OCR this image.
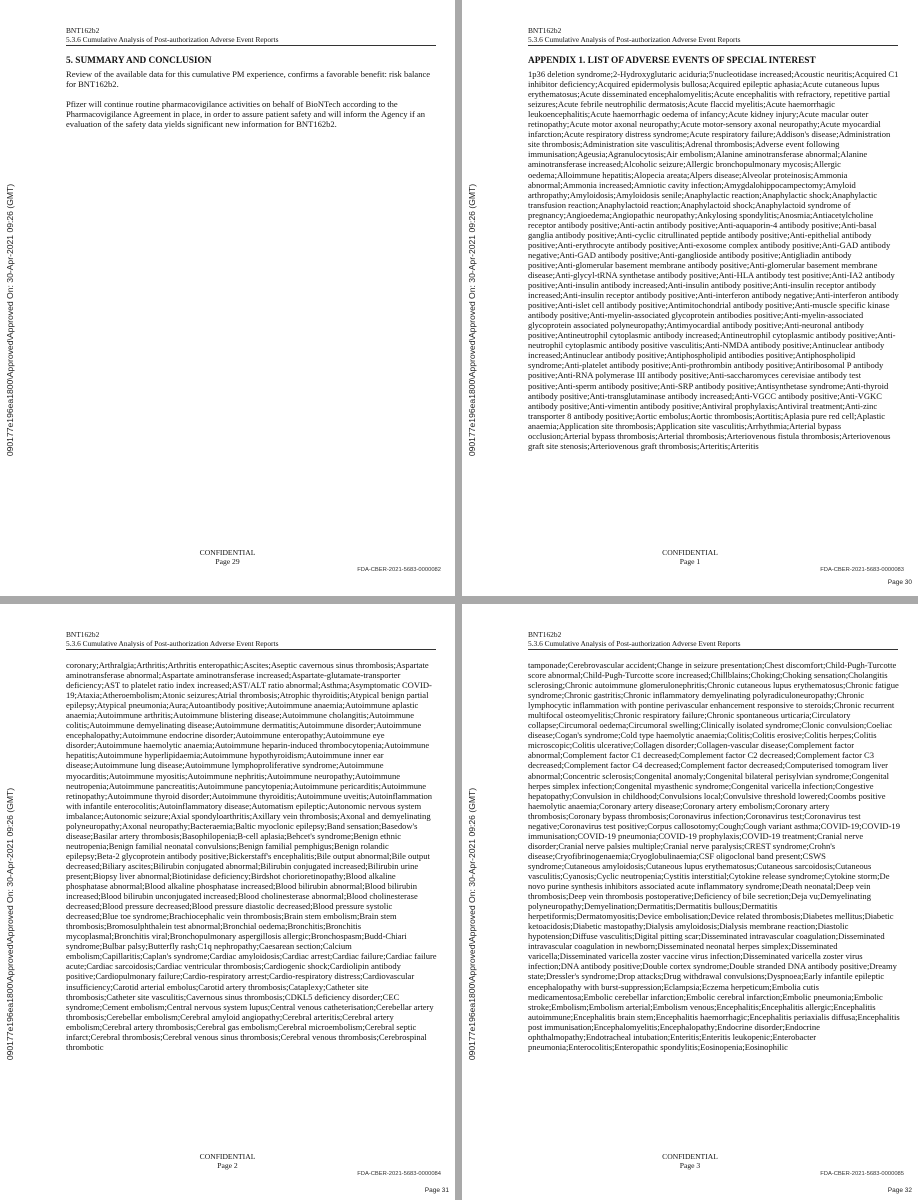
BNT162b2
5.3.6 Cumulative Analysis of Post-authorization Adverse Event Reports
090177e196ea1800\Approved\Approved On: 30-Apr-2021 09:26 (GMT)
5. SUMMARY AND CONCLUSION
Review of the available data for this cumulative PM experience, confirms a favorable benefit: risk balance for BNT162b2.
Pfizer will continue routine pharmacovigilance activities on behalf of BioNTech according to the Pharmacovigilance Agreement in place, in order to assure patient safety and will inform the Agency if an evaluation of the safety data yields significant new information for BNT162b2.
CONFIDENTIAL
Page 29
FDA-CBER-2021-5683-0000082
BNT162b2
5.3.6 Cumulative Analysis of Post-authorization Adverse Event Reports
090177e196ea1800\Approved\Approved On: 30-Apr-2021 09:26 (GMT)
APPENDIX 1. LIST OF ADVERSE EVENTS OF SPECIAL INTEREST
1p36 deletion syndrome;2-Hydroxyglutaric aciduria;5'nucleotidase increased;Acoustic neuritis;Acquired C1 inhibitor deficiency;Acquired epidermolysis bullosa;Acquired epileptic aphasia;Acute cutaneous lupus erythematosus;Acute disseminated encephalomyelitis;Acute encephalitis with refractory, repetitive partial seizures;Acute febrile neutrophilic dermatosis;Acute flaccid myelitis;Acute haemorrhagic leukoencephalitis;Acute haemorrhagic oedema of infancy;Acute kidney injury;Acute macular outer retinopathy;Acute motor axonal neuropathy;Acute motor-sensory axonal neuropathy;Acute myocardial infarction;Acute respiratory distress syndrome;Acute respiratory failure;Addison's disease;Administration site thrombosis;Administration site vasculitis;Adrenal thrombosis;Adverse event following immunisation;Ageusia;Agranulocytosis;Air embolism;Alanine aminotransferase abnormal;Alanine aminotransferase increased;Alcoholic seizure;Allergic bronchopulmonary mycosis;Allergic oedema;Alloimmune hepatitis;Alopecia areata;Alpers disease;Alveolar proteinosis;Ammonia abnormal;Ammonia increased;Amniotic cavity infection;Amygdalohippocampectomy;Amyloid arthropathy;Amyloidosis;Amyloidosis senile;Anaphylactic reaction;Anaphylactic shock;Anaphylactic transfusion reaction;Anaphylactoid reaction;Anaphylactoid shock;Anaphylactoid syndrome of pregnancy;Angioedema;Angiopathic neuropathy;Ankylosing spondylitis;Anosmia;Antiacetylcholine receptor antibody positive;Anti-actin antibody positive;Anti-aquaporin-4 antibody positive;Anti-basal ganglia antibody positive;Anti-cyclic citrullinated peptide antibody positive;Anti-epithelial antibody positive;Anti-erythrocyte antibody positive;Anti-exosome complex antibody positive;Anti-GAD antibody negative;Anti-GAD antibody positive;Anti-ganglioside antibody positive;Antigliadin antibody positive;Anti-glomerular basement membrane antibody positive;Anti-glomerular basement membrane disease;Anti-glycyl-tRNA synthetase antibody positive;Anti-HLA antibody test positive;Anti-IA2 antibody positive;Anti-insulin antibody increased;Anti-insulin antibody positive;Anti-insulin receptor antibody increased;Anti-insulin receptor antibody positive;Anti-interferon antibody negative;Anti-interferon antibody positive;Anti-islet cell antibody positive;Antimitochondrial antibody positive;Anti-muscle specific kinase antibody positive;Anti-myelin-associated glycoprotein antibodies positive;Anti-myelin-associated glycoprotein associated polyneuropathy;Antimyocardial antibody positive;Anti-neuronal antibody positive;Antineutrophil cytoplasmic antibody increased;Antineutrophil cytoplasmic antibody positive;Anti-neutrophil cytoplasmic antibody positive vasculitis;Anti-NMDA antibody positive;Antinuclear antibody increased;Antinuclear antibody positive;Antiphospholipid antibodies positive;Antiphospholipid syndrome;Anti-platelet antibody positive;Anti-prothrombin antibody positive;Antiribosomal P antibody positive;Anti-RNA polymerase III antibody positive;Anti-saccharomyces cerevisiae antibody test positive;Anti-sperm antibody positive;Anti-SRP antibody positive;Antisynthetase syndrome;Anti-thyroid antibody positive;Anti-transglutaminase antibody increased;Anti-VGCC antibody positive;Anti-VGKC antibody positive;Anti-vimentin antibody positive;Antiviral prophylaxis;Antiviral treatment;Anti-zinc transporter 8 antibody positive;Aortic embolus;Aortic thrombosis;Aortitis;Aplasia pure red cell;Aplastic anaemia;Application site thrombosis;Application site vasculitis;Arrhythmia;Arterial bypass occlusion;Arterial bypass thrombosis;Arterial thrombosis;Arteriovenous fistula thrombosis;Arteriovenous graft site stenosis;Arteriovenous graft thrombosis;Arteritis;Arteritis
CONFIDENTIAL
Page 1
FDA-CBER-2021-5683-0000083
Page 30
BNT162b2
5.3.6 Cumulative Analysis of Post-authorization Adverse Event Reports
090177e196ea1800\Approved\Approved On: 30-Apr-2021 09:26 (GMT)
coronary;Arthralgia;Arthritis;Arthritis enteropathic;Ascites;Aseptic cavernous sinus thrombosis;Aspartate aminotransferase abnormal;Aspartate aminotransferase increased;Aspartate-glutamate-transporter deficiency;AST to platelet ratio index increased;AST/ALT ratio abnormal;Asthma;Asymptomatic COVID-19;Ataxia;Atheroembolism;Atonic seizures;Atrial thrombosis;Atrophic thyroiditis;Atypical benign partial epilepsy;Atypical pneumonia;Aura;Autoantibody positive;Autoimmune anaemia;Autoimmune aplastic anaemia;Autoimmune arthritis;Autoimmune blistering disease;Autoimmune cholangitis;Autoimmune colitis;Autoimmune demyelinating disease;Autoimmune dermatitis;Autoimmune disorder;Autoimmune encephalopathy;Autoimmune endocrine disorder;Autoimmune enteropathy;Autoimmune eye disorder;Autoimmune haemolytic anaemia;Autoimmune heparin-induced thrombocytopenia;Autoimmune hepatitis;Autoimmune hyperlipidaemia;Autoimmune hypothyroidism;Autoimmune inner ear disease;Autoimmune lung disease;Autoimmune lymphoproliferative syndrome;Autoimmune myocarditis;Autoimmune myositis;Autoimmune nephritis;Autoimmune neuropathy;Autoimmune neutropenia;Autoimmune pancreatitis;Autoimmune pancytopenia;Autoimmune pericarditis;Autoimmune retinopathy;Autoimmune thyroid disorder;Autoimmune thyroiditis;Autoimmune uveitis;Autoinflammation with infantile enterocolitis;Autoinflammatory disease;Automatism epileptic;Autonomic nervous system imbalance;Autonomic seizure;Axial spondyloarthritis;Axillary vein thrombosis;Axonal and demyelinating polyneuropathy;Axonal neuropathy;Bacteraemia;Baltic myoclonic epilepsy;Band sensation;Basedow's disease;Basilar artery thrombosis;Basophilopenia;B-cell aplasia;Behcet's syndrome;Benign ethnic neutropenia;Benign familial neonatal convulsions;Benign familial pemphigus;Benign rolandic epilepsy;Beta-2 glycoprotein antibody positive;Bickerstaff's encephalitis;Bile output abnormal;Bile output decreased;Biliary ascites;Bilirubin conjugated abnormal;Bilirubin conjugated increased;Bilirubin urine present;Biopsy liver abnormal;Biotinidase deficiency;Birdshot chorioretinopathy;Blood alkaline phosphatase abnormal;Blood alkaline phosphatase increased;Blood bilirubin abnormal;Blood bilirubin increased;Blood bilirubin unconjugated increased;Blood cholinesterase abnormal;Blood cholinesterase decreased;Blood pressure decreased;Blood pressure diastolic decreased;Blood pressure systolic decreased;Blue toe syndrome;Brachiocephalic vein thrombosis;Brain stem embolism;Brain stem thrombosis;Bromosulphthalein test abnormal;Bronchial oedema;Bronchitis;Bronchitis mycoplasmal;Bronchitis viral;Bronchopulmonary aspergillosis allergic;Bronchospasm;Budd-Chiari syndrome;Bulbar palsy;Butterfly rash;C1q nephropathy;Caesarean section;Calcium embolism;Capillaritis;Caplan's syndrome;Cardiac amyloidosis;Cardiac arrest;Cardiac failure;Cardiac failure acute;Cardiac sarcoidosis;Cardiac ventricular thrombosis;Cardiogenic shock;Cardiolipin antibody positive;Cardiopulmonary failure;Cardio-respiratory arrest;Cardio-respiratory distress;Cardiovascular insufficiency;Carotid arterial embolus;Carotid artery thrombosis;Cataplexy;Catheter site thrombosis;Catheter site vasculitis;Cavernous sinus thrombosis;CDKL5 deficiency disorder;CEC syndrome;Cement embolism;Central nervous system lupus;Central venous catheterisation;Cerebellar artery thrombosis;Cerebellar embolism;Cerebral amyloid angiopathy;Cerebral arteritis;Cerebral artery embolism;Cerebral artery thrombosis;Cerebral gas embolism;Cerebral microembolism;Cerebral septic infarct;Cerebral thrombosis;Cerebral venous sinus thrombosis;Cerebral venous thrombosis;Cerebrospinal thrombotic
CONFIDENTIAL
Page 2
FDA-CBER-2021-5683-0000084
Page 31
BNT162b2
5.3.6 Cumulative Analysis of Post-authorization Adverse Event Reports
090177e196ea1800\Approved\Approved On: 30-Apr-2021 09:26 (GMT)
tamponade;Cerebrovascular accident;Change in seizure presentation;Chest discomfort;Child-Pugh-Turcotte score abnormal;Child-Pugh-Turcotte score increased;Chillblains;Choking;Choking sensation;Cholangitis sclerosing;Chronic autoimmune glomerulonephritis;Chronic cutaneous lupus erythematosus;Chronic fatigue syndrome;Chronic gastritis;Chronic inflammatory demyelinating polyradiculoneuropathy;Chronic lymphocytic inflammation with pontine perivascular enhancement responsive to steroids;Chronic recurrent multifocal osteomyelitis;Chronic respiratory failure;Chronic spontaneous urticaria;Circulatory collapse;Circumoral oedema;Circumoral swelling;Clinically isolated syndrome;Clonic convulsion;Coeliac disease;Cogan's syndrome;Cold type haemolytic anaemia;Colitis;Colitis erosive;Colitis herpes;Colitis microscopic;Colitis ulcerative;Collagen disorder;Collagen-vascular disease;Complement factor abnormal;Complement factor C1 decreased;Complement factor C2 decreased;Complement factor C3 decreased;Complement factor C4 decreased;Complement factor decreased;Computerised tomogram liver abnormal;Concentric sclerosis;Congenital anomaly;Congenital bilateral perisylvian syndrome;Congenital herpes simplex infection;Congenital myasthenic syndrome;Congenital varicella infection;Congestive hepatopathy;Convulsion in childhood;Convulsions local;Convulsive threshold lowered;Coombs positive haemolytic anaemia;Coronary artery disease;Coronary artery embolism;Coronary artery thrombosis;Coronary bypass thrombosis;Coronavirus infection;Coronavirus test;Coronavirus test negative;Coronavirus test positive;Corpus callosotomy;Cough;Cough variant asthma;COVID-19;COVID-19 immunisation;COVID-19 pneumonia;COVID-19 prophylaxis;COVID-19 treatment;Cranial nerve disorder;Cranial nerve palsies multiple;Cranial nerve paralysis;CREST syndrome;Crohn's disease;Cryofibrinogenaemia;Cryoglobulinaemia;CSF oligoclonal band present;CSWS syndrome;Cutaneous amyloidosis;Cutaneous lupus erythematosus;Cutaneous sarcoidosis;Cutaneous vasculitis;Cyanosis;Cyclic neutropenia;Cystitis interstitial;Cytokine release syndrome;Cytokine storm;De novo purine synthesis inhibitors associated acute inflammatory syndrome;Death neonatal;Deep vein thrombosis;Deep vein thrombosis postoperative;Deficiency of bile secretion;Deja vu;Demyelinating polyneuropathy;Demyelination;Dermatitis;Dermatitis bullous;Dermatitis herpetiformis;Dermatomyositis;Device embolisation;Device related thrombosis;Diabetes mellitus;Diabetic ketoacidosis;Diabetic mastopathy;Dialysis amyloidosis;Dialysis membrane reaction;Diastolic hypotension;Diffuse vasculitis;Digital pitting scar;Disseminated intravascular coagulation;Disseminated intravascular coagulation in newborn;Disseminated neonatal herpes simplex;Disseminated varicella;Disseminated varicella zoster vaccine virus infection;Disseminated varicella zoster virus infection;DNA antibody positive;Double cortex syndrome;Double stranded DNA antibody positive;Dreamy state;Dressler's syndrome;Drop attacks;Drug withdrawal convulsions;Dyspnoea;Early infantile epileptic encephalopathy with burst-suppression;Eclampsia;Eczema herpeticum;Embolia cutis medicamentosa;Embolic cerebellar infarction;Embolic cerebral infarction;Embolic pneumonia;Embolic stroke;Embolism;Embolism arterial;Embolism venous;Encephalitis;Encephalitis allergic;Encephalitis autoimmune;Encephalitis brain stem;Encephalitis haemorrhagic;Encephalitis periaxialis diffusa;Encephalitis post immunisation;Encephalomyelitis;Encephalopathy;Endocrine disorder;Endocrine ophthalmopathy;Endotracheal intubation;Enteritis;Enteritis leukopenic;Enterobacter pneumonia;Enterocolitis;Enteropathic spondylitis;Eosinopenia;Eosinophilic
CONFIDENTIAL
Page 3
FDA-CBER-2021-5683-0000085
Page 32
